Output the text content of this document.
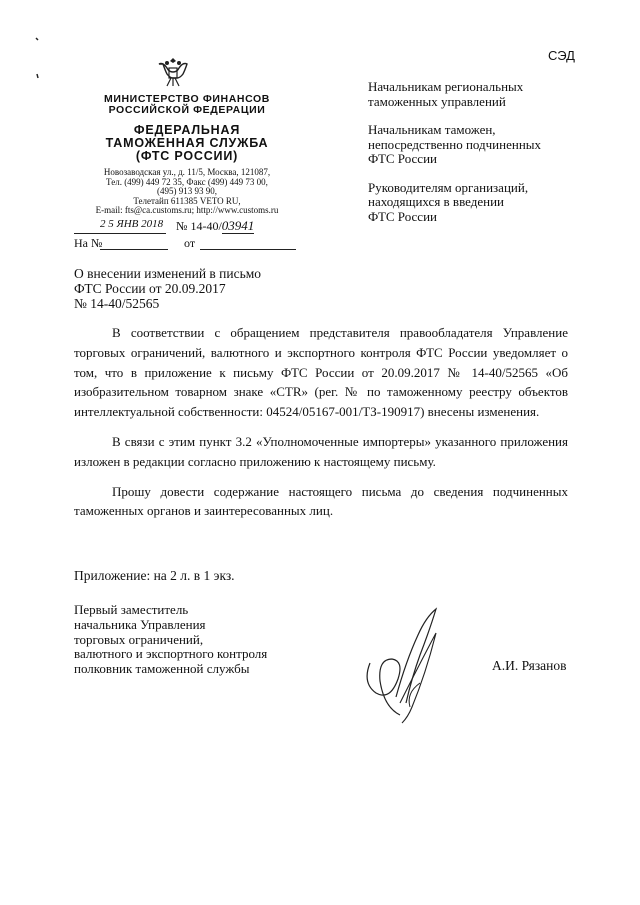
СЭД
МИНИСТЕРСТВО ФИНАНСОВ
РОССИЙСКОЙ ФЕДЕРАЦИИ
ФЕДЕРАЛЬНАЯ
ТАМОЖЕННАЯ СЛУЖБА
(ФТС РОССИИ)
Новозаводская ул., д. 11/5, Москва, 121087,
Тел. (499) 449 72 35, Факс (499) 449 73 00,
(495) 913 93 90,
Телетайп 611385 VETO RU,
E-mail: fts@ca.customs.ru; http://www.customs.ru
2 5 ЯНВ 2018 № 14-40/03941
На №	от
Начальникам региональных
таможенных управлений
Начальникам таможен,
непосредственно подчиненных
ФТС России
Руководителям организаций,
находящихся в введении
ФТС России
О внесении изменений в письмо
ФТС России от 20.09.2017
№ 14-40/52565

В соответствии с обращением представителя правообладателя Управление торговых ограничений, валютного и экспортного контроля ФТС России уведомляет о том, что в приложение к письму ФТС России от 20.09.2017 № 14-40/52565 «Об изобразительном товарном знаке «CTR» (рег. № по таможенному реестру объектов интеллектуальной собственности: 04524/05167-001/ТЗ-190917) внесены изменения.

В связи с этим пункт 3.2 «Уполномоченные импортеры» указанного приложения изложен в редакции согласно приложению к настоящему письму.

Прошу довести содержание настоящего письма до сведения подчиненных таможенных органов и заинтересованных лиц.

Приложение: на 2 л. в 1 экз.
Первый заместитель
начальника Управления
торговых ограничений,
валютного и экспортного контроля
полковник таможенной службы	А.И. Рязанов
